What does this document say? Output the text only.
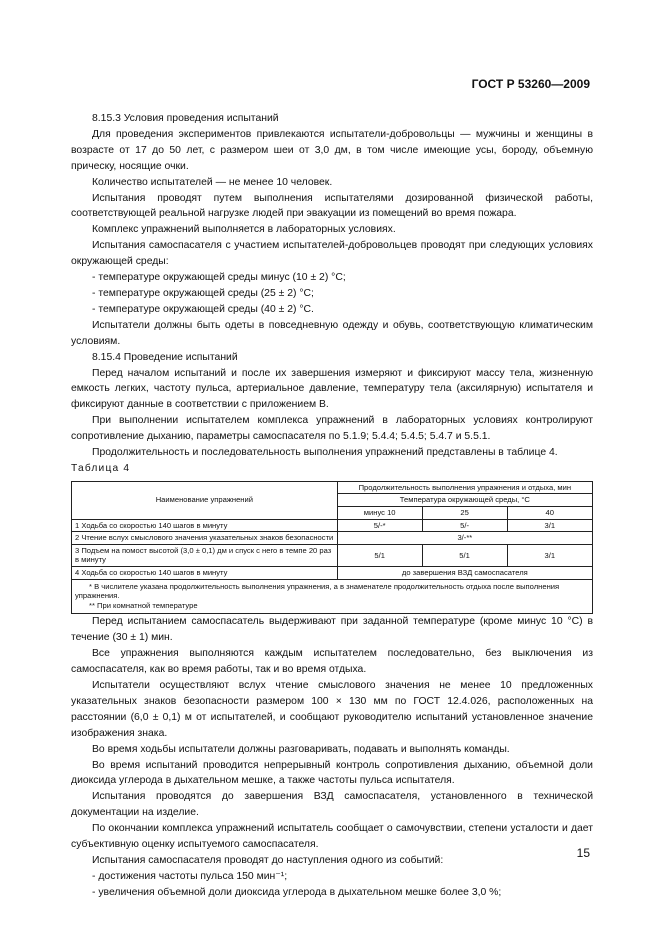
ГОСТ Р 53260—2009

8.15.3 Условия проведения испытаний

Для проведения экспериментов привлекаются испытатели-добровольцы — мужчины и женщины в возрасте от 17 до 50 лет, с размером шеи от 3,0 дм, в том числе имеющие усы, бороду, объемную прическу, носящие очки.

Количество испытателей — не менее 10 человек.

Испытания проводят путем выполнения испытателями дозированной физической работы, соответствующей реальной нагрузке людей при эвакуации из помещений во время пожара.

Комплекс упражнений выполняется в лабораторных условиях.

Испытания самоспасателя с участием испытателей-добровольцев проводят при следующих условиях окружающей среды:

- температуре окружающей среды минус (10 ± 2) °С;

- температуре окружающей среды (25 ± 2) °С;

- температуре окружающей среды (40 ± 2) °С.

Испытатели должны быть одеты в повседневную одежду и обувь, соответствующую климатическим условиям.

8.15.4 Проведение испытаний

Перед началом испытаний и после их завершения измеряют и фиксируют массу тела, жизненную емкость легких, частоту пульса, артериальное давление, температуру тела (аксилярную) испытателя и фиксируют данные в соответствии с приложением В.

При выполнении испытателем комплекса упражнений в лабораторных условиях контролируют сопротивление дыханию, параметры самоспасателя по 5.1.9; 5.4.4; 5.4.5; 5.4.7 и 5.5.1.

Продолжительность и последовательность выполнения упражнений представлены в таблице 4.

Таблица 4

Наименование упражнений	Продолжительность выполнения упражнения и отдыха, мин		
	Температура окружающей среды, °С		
	минус 10	25	40
1 Ходьба со скоростью 140 шагов в минуту	5/-*	5/-	3/1
2 Чтение вслух смыслового значения указательных знаков безопасности	3/-**		
3 Подъем на помост высотой (3,0 ± 0,1) дм и спуск с него в темпе 20 раз в минуту	5/1	5/1	3/1
4 Ходьба со скоростью 140 шагов в минуту	до завершения ВЗД самоспасателя		

* В числителе указана продолжительность выполнения упражнения, а в знаменателе продолжительность отдыха после выполнения упражнения.
** При комнатной температуре			

Перед испытанием самоспасатель выдерживают при заданной температуре (кроме минус 10 °С) в течение (30 ± 1) мин.

Все упражнения выполняются каждым испытателем последовательно, без выключения из самоспасателя, как во время работы, так и во время отдыха.

Испытатели осуществляют вслух чтение смыслового значения не менее 10 предложенных указательных знаков безопасности размером 100 × 130 мм по ГОСТ 12.4.026, расположенных на расстоянии (6,0 ± 0,1) м от испытателей, и сообщают руководителю испытаний установленное значение изображения знака.

Во время ходьбы испытатели должны разговаривать, подавать и выполнять команды.

Во время испытаний проводится непрерывный контроль сопротивления дыханию, объемной доли диоксида углерода в дыхательном мешке, а также частоты пульса испытателя.

Испытания проводятся до завершения ВЗД самоспасателя, установленного в технической документации на изделие.

По окончании комплекса упражнений испытатель сообщает о самочувствии, степени усталости и дает субъективную оценку испытуемого самоспасателя.

Испытания самоспасателя проводят до наступления одного из событий:

- достижения частоты пульса 150 мин⁻¹;

- увеличения объемной доли диоксида углерода в дыхательном мешке более 3,0 %;

15
